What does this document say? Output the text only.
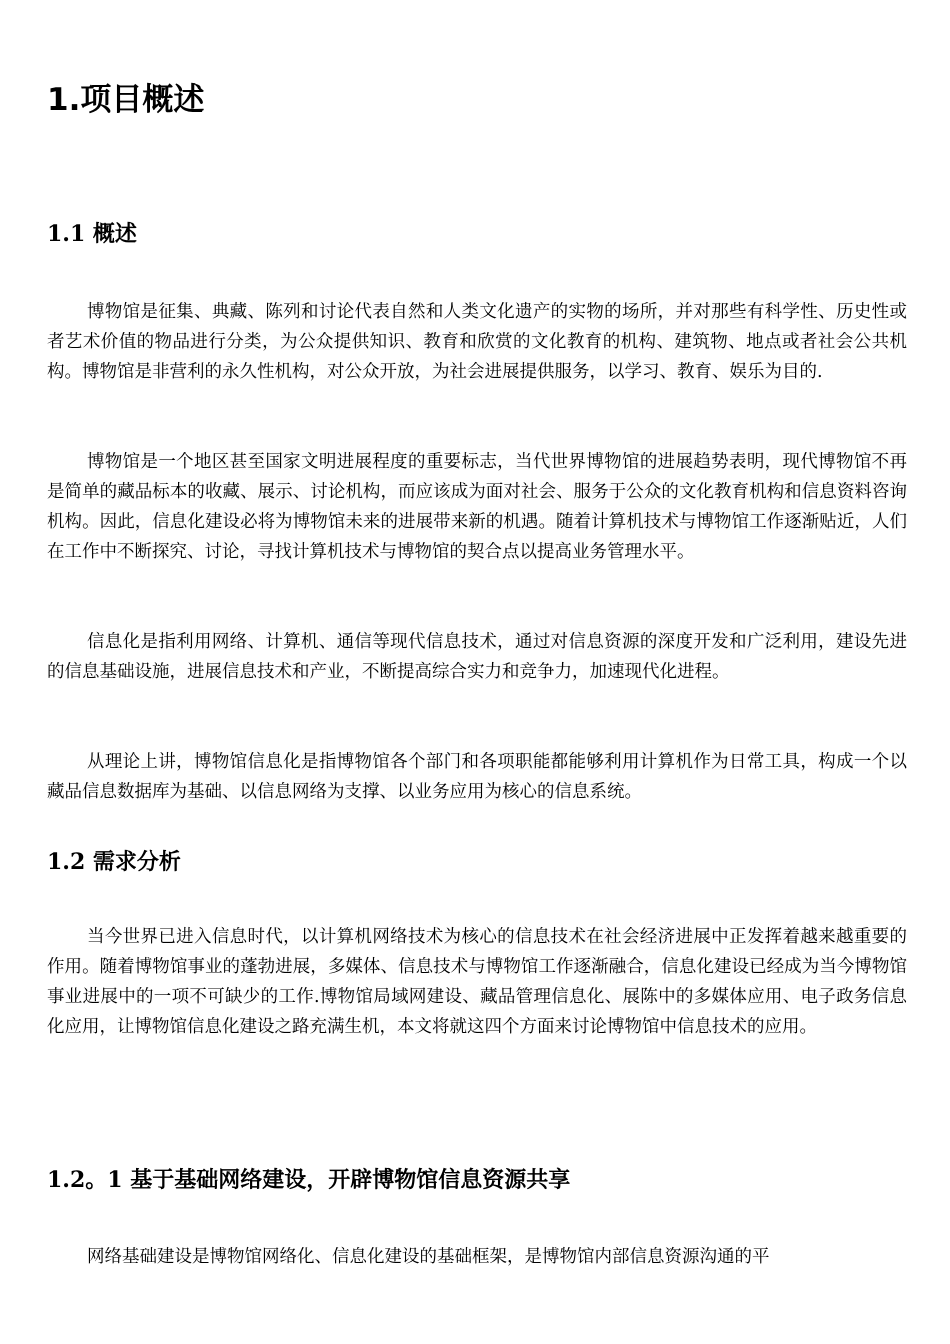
1.项目概述
1.1 概述

博物馆是征集、典藏、陈列和讨论代表自然和人类文化遗产的实物的场所，并对那些有科学性、历史性或者艺术价值的物品进行分类，为公众提供知识、教育和欣赏的文化教育的机构、建筑物、地点或者社会公共机构。博物馆是非营利的永久性机构，对公众开放，为社会进展提供服务，以学习、教育、娱乐为目的.

博物馆是一个地区甚至国家文明进展程度的重要标志，当代世界博物馆的进展趋势表明，现代博物馆不再是简单的藏品标本的收藏、展示、讨论机构，而应该成为面对社会、服务于公众的文化教育机构和信息资料咨询机构。因此，信息化建设必将为博物馆未来的进展带来新的机遇。随着计算机技术与博物馆工作逐渐贴近，人们在工作中不断探究、讨论，寻找计算机技术与博物馆的契合点以提高业务管理水平。

信息化是指利用网络、计算机、通信等现代信息技术，通过对信息资源的深度开发和广泛利用，建设先进的信息基础设施，进展信息技术和产业，不断提高综合实力和竞争力，加速现代化进程。

从理论上讲，博物馆信息化是指博物馆各个部门和各项职能都能够利用计算机作为日常工具，构成一个以藏品信息数据库为基础、以信息网络为支撑、以业务应用为核心的信息系统。

1.2 需求分析

当今世界已进入信息时代，以计算机网络技术为核心的信息技术在社会经济进展中正发挥着越来越重要的作用。随着博物馆事业的蓬勃进展，多媒体、信息技术与博物馆工作逐渐融合，信息化建设已经成为当今博物馆事业进展中的一项不可缺少的工作.博物馆局域网建设、藏品管理信息化、展陈中的多媒体应用、电子政务信息化应用，让博物馆信息化建设之路充满生机，本文将就这四个方面来讨论博物馆中信息技术的应用。

1.2。1 基于基础网络建设，开辟博物馆信息资源共享

网络基础建设是博物馆网络化、信息化建设的基础框架，是博物馆内部信息资源沟通的平
